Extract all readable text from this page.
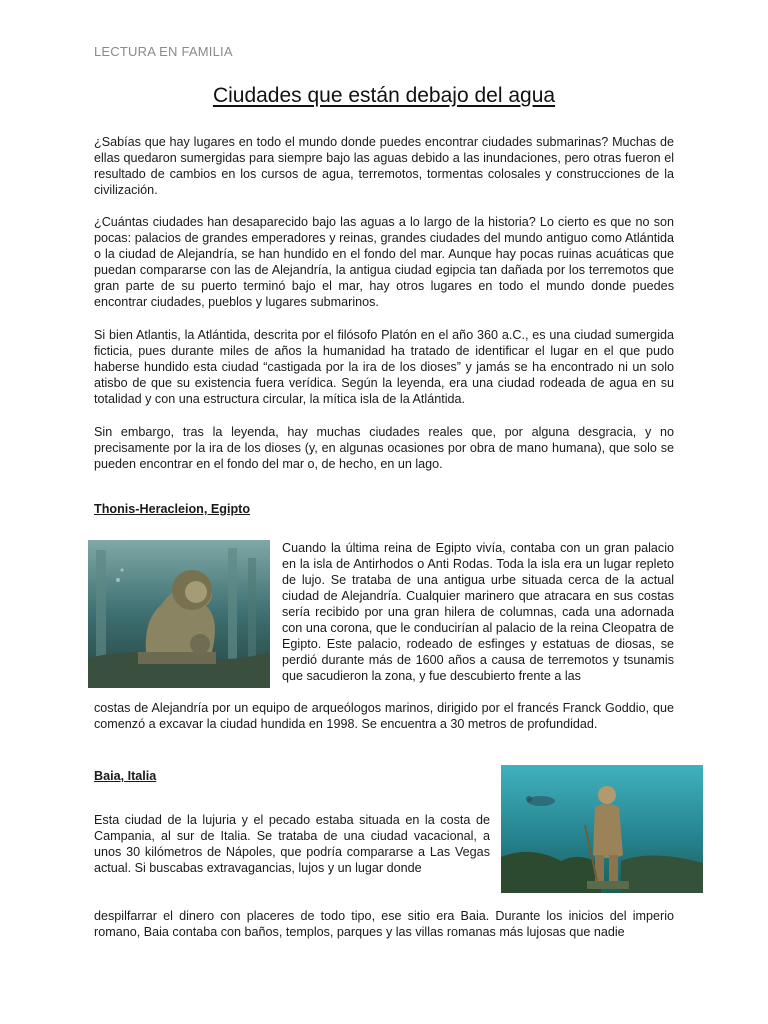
LECTURA EN FAMILIA
Ciudades que están debajo del agua

¿Sabías que hay lugares en todo el mundo donde puedes encontrar ciudades submarinas? Muchas de ellas quedaron sumergidas para siempre bajo las aguas debido a las inundaciones, pero otras fueron el resultado de cambios en los cursos de agua, terremotos, tormentas colosales y construcciones de la civilización.

¿Cuántas ciudades han desaparecido bajo las aguas a lo largo de la historia? Lo cierto es que no son pocas: palacios de grandes emperadores y reinas, grandes ciudades del mundo antiguo como Atlántida o la ciudad de Alejandría, se han hundido en el fondo del mar. Aunque hay pocas ruinas acuáticas que puedan compararse con las de Alejandría, la antigua ciudad egipcia tan dañada por los terremotos que gran parte de su puerto terminó bajo el mar, hay otros lugares en todo el mundo donde puedes encontrar ciudades, pueblos y lugares submarinos.

Si bien Atlantis, la Atlántida, descrita por el filósofo Platón en el año 360 a.C., es una ciudad sumergida ficticia, pues durante miles de años la humanidad ha tratado de identificar el lugar en el que pudo haberse hundido esta ciudad “castigada por la ira de los dioses” y jamás se ha encontrado ni un solo atisbo de que su existencia fuera verídica. Según la leyenda, era una ciudad rodeada de agua en su totalidad y con una estructura circular, la mítica isla de la Atlántida.

Sin embargo, tras la leyenda, hay muchas ciudades reales que, por alguna desgracia, y no precisamente por la ira de los dioses (y, en algunas ocasiones por obra de mano humana), que solo se pueden encontrar en el fondo del mar o, de hecho, en un lago.

Thonis-Heracleion, Egipto

Cuando la última reina de Egipto vivía, contaba con un gran palacio en la isla de Antirhodos o Anti Rodas. Toda la isla era un lugar repleto de lujo. Se trataba de una antigua urbe situada cerca de la actual ciudad de Alejandría. Cualquier marinero que atracara en sus costas sería recibido por una gran hilera de columnas, cada una adornada con una corona, que le conducirían al palacio de la reina Cleopatra de Egipto. Este palacio, rodeado de esfinges y estatuas de diosas, se perdió durante más de 1600 años a causa de terremotos y tsunamis que sacudieron la zona, y fue descubierto frente a las

costas de Alejandría por un equipo de arqueólogos marinos, dirigido por el francés Franck Goddio, que comenzó a excavar la ciudad hundida en 1998. Se encuentra a 30 metros de profundidad.

Baia, Italia

Esta ciudad de la lujuria y el pecado estaba situada en la costa de Campania, al sur de Italia. Se trataba de una ciudad vacacional, a unos 30 kilómetros de Nápoles, que podría compararse a Las Vegas actual. Si buscabas extravagancias, lujos y un lugar donde

despilfarrar el dinero con placeres de todo tipo, ese sitio era Baia. Durante los inicios del imperio romano, Baia contaba con baños, templos, parques y las villas romanas más lujosas que nadie
